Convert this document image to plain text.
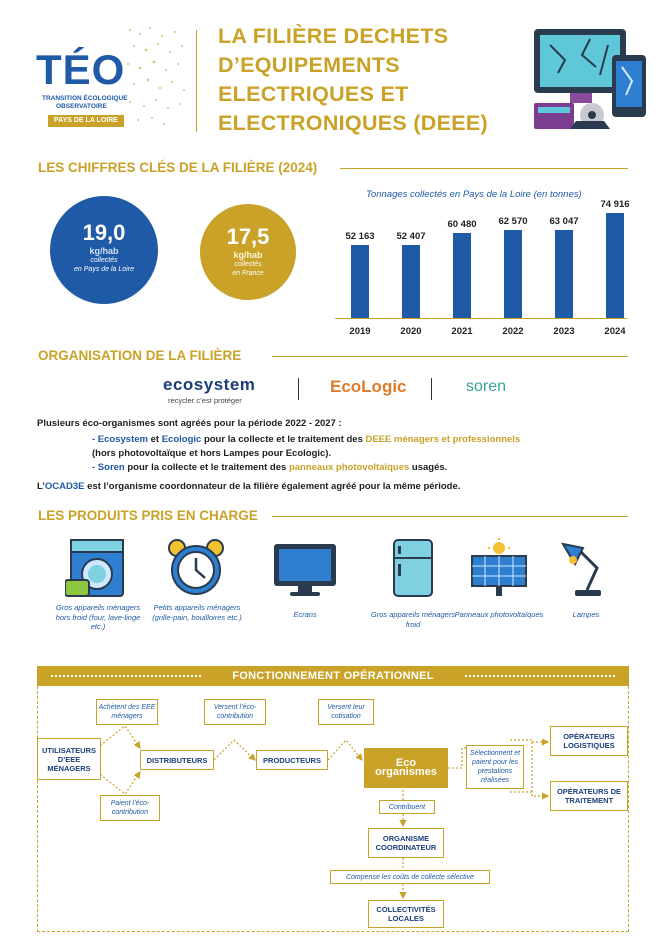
TÉO
TRANSITION ÉCOLOGIQUE
OBSERVATOIRE
PAYS DE LA LOIRE
LA FILIÈRE DECHETS
D’EQUIPEMENTS
ELECTRIQUES ET
ELECTRONIQUES (DEEE)
LES CHIFFRES CLÉS DE LA FILIÈRE (2024)
19,0
kg/hab
collectés
en Pays de la Loire
17,5
kg/hab
collectés
en France
Tonnages collectés en Pays de la Loire (en tonnes)
52 163
2019
52 407
2020
60 480
2021
62 570
2022
63 047
2023
74 916
2024
ORGANISATION DE LA FILIÈRE
ecosystem
recycler c’est protéger
EcoLogic	soren
Plusieurs éco-organismes sont agréés pour la période 2022 - 2027 :
- Ecosystem et Ecologic pour la collecte et le traitement des DEEE ménagers et professionnels
(hors photovoltaïque et hors Lampes pour Ecologic).
- Soren pour la collecte et le traitement des panneaux photovoltaïques usagés.
L’OCAD3E est l’organisme coordonnateur de la filière également agréé pour la même période.
LES PRODUITS PRIS EN CHARGE
Gros appareils ménagers hors froid (four, lave-linge etc.)
Petits appareils ménagers (grille-pain, bouilloires etc.)	Ecrans	Gros appareils ménagers froid
Panneaux photovoltaïques	Lampes
FONCTIONNEMENT OPÉRATIONNEL
UTILISATEURS D’EEE MÉNAGERS
DISTRIBUTEURS	PRODUCTEURS	Eco organismes
OPÉRATEURS LOGISTIQUES
OPÉRATEURS DE TRAITEMENT
ORGANISME COORDINATEUR
COLLECTIVITÉS LOCALES
Achètent des EEE ménagers
Paient l’éco-contribution
Versent l’éco-contribution
Versent leur cotisation
Sélectionnent et paient pour les prestations réalisées
Contribuent
Compense les coûts de collecte sélective
